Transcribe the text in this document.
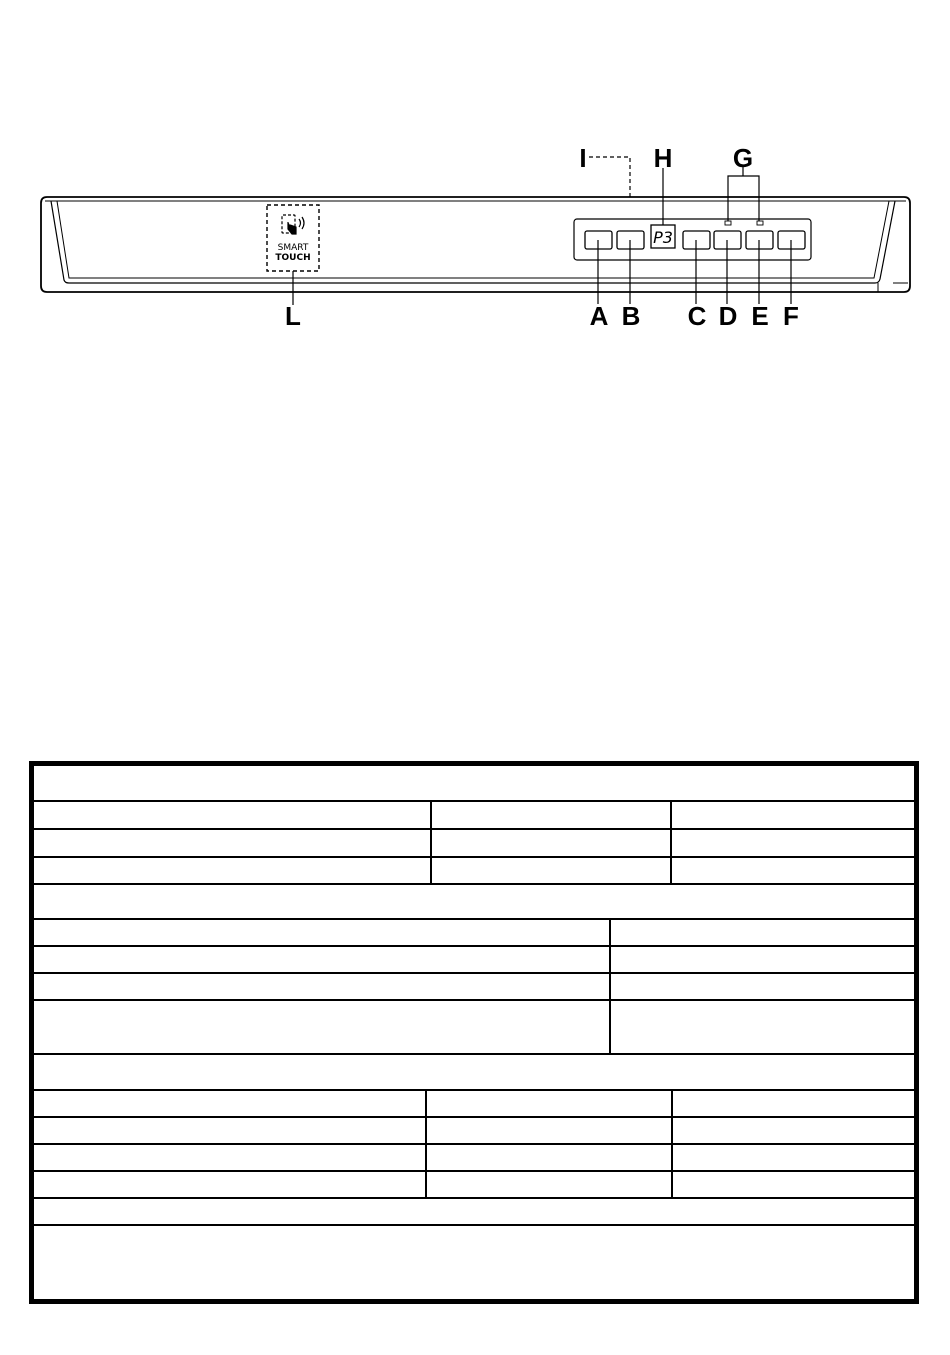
SMART
TOUCH
P3
I	H G
L	A B C D E F
